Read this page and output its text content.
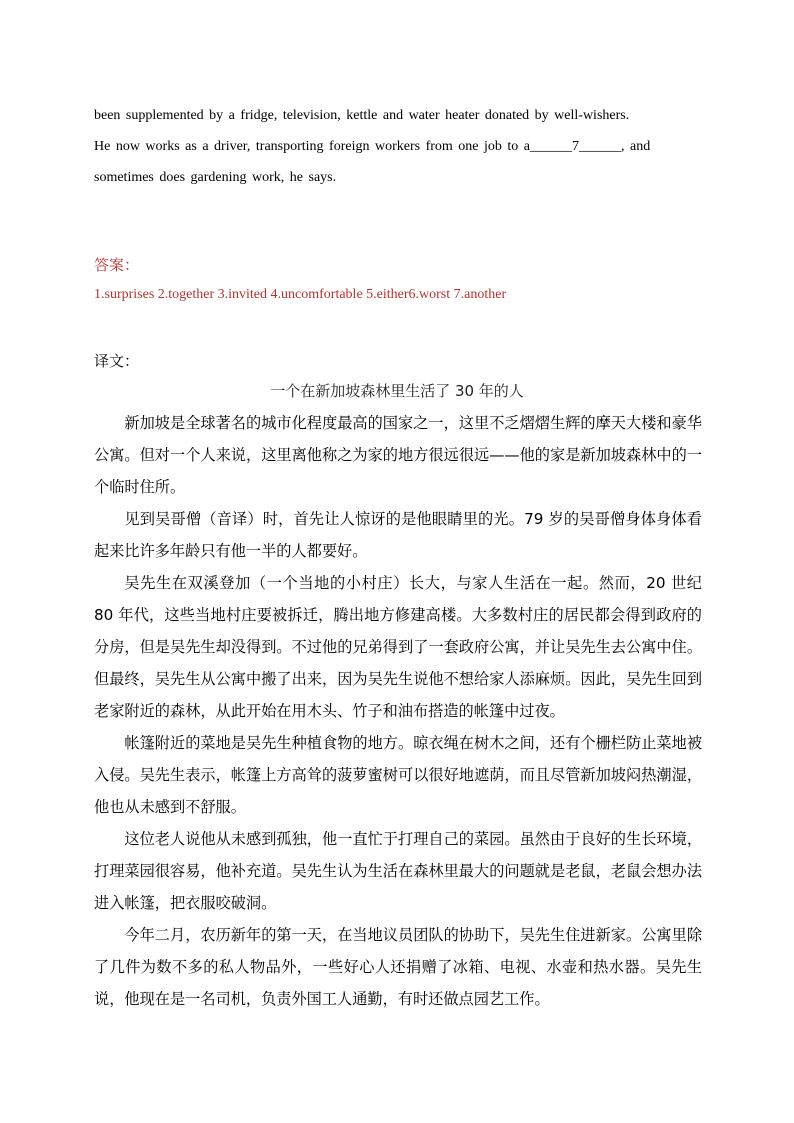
been supplemented by a fridge, television, kettle and water heater donated by well-wishers.
He now works as a driver, transporting foreign workers from one job to a______7______, and
sometimes does gardening work, he says.
答案：
1.surprises 2.together 3.invited 4.uncomfortable 5.either6.worst 7.another
译文：
一个在新加坡森林里生活了 30 年的人

新加坡是全球著名的城市化程度最高的国家之一，这里不乏熠熠生辉的摩天大楼和豪华公寓。但对一个人来说，这里离他称之为家的地方很远很远——他的家是新加坡森林中的一个临时住所。

见到吴哥僧（音译）时，首先让人惊讶的是他眼睛里的光。79 岁的吴哥僧身体身体看起来比许多年龄只有他一半的人都要好。

吴先生在双溪登加（一个当地的小村庄）长大，与家人生活在一起。然而，20 世纪 80 年代，这些当地村庄要被拆迁，腾出地方修建高楼。大多数村庄的居民都会得到政府的分房，但是吴先生却没得到。不过他的兄弟得到了一套政府公寓，并让吴先生去公寓中住。但最终，吴先生从公寓中搬了出来，因为吴先生说他不想给家人添麻烦。因此，吴先生回到老家附近的森林，从此开始在用木头、竹子和油布搭造的帐篷中过夜。

帐篷附近的菜地是吴先生种植食物的地方。晾衣绳在树木之间，还有个栅栏防止菜地被入侵。吴先生表示，帐篷上方高耸的菠萝蜜树可以很好地遮荫，而且尽管新加坡闷热潮湿，他也从未感到不舒服。

这位老人说他从未感到孤独，他一直忙于打理自己的菜园。虽然由于良好的生长环境，打理菜园很容易，他补充道。吴先生认为生活在森林里最大的问题就是老鼠，老鼠会想办法进入帐篷，把衣服咬破洞。

今年二月，农历新年的第一天，在当地议员团队的协助下，吴先生住进新家。公寓里除了几件为数不多的私人物品外，一些好心人还捐赠了冰箱、电视、水壶和热水器。吴先生说，他现在是一名司机，负责外国工人通勤，有时还做点园艺工作。
